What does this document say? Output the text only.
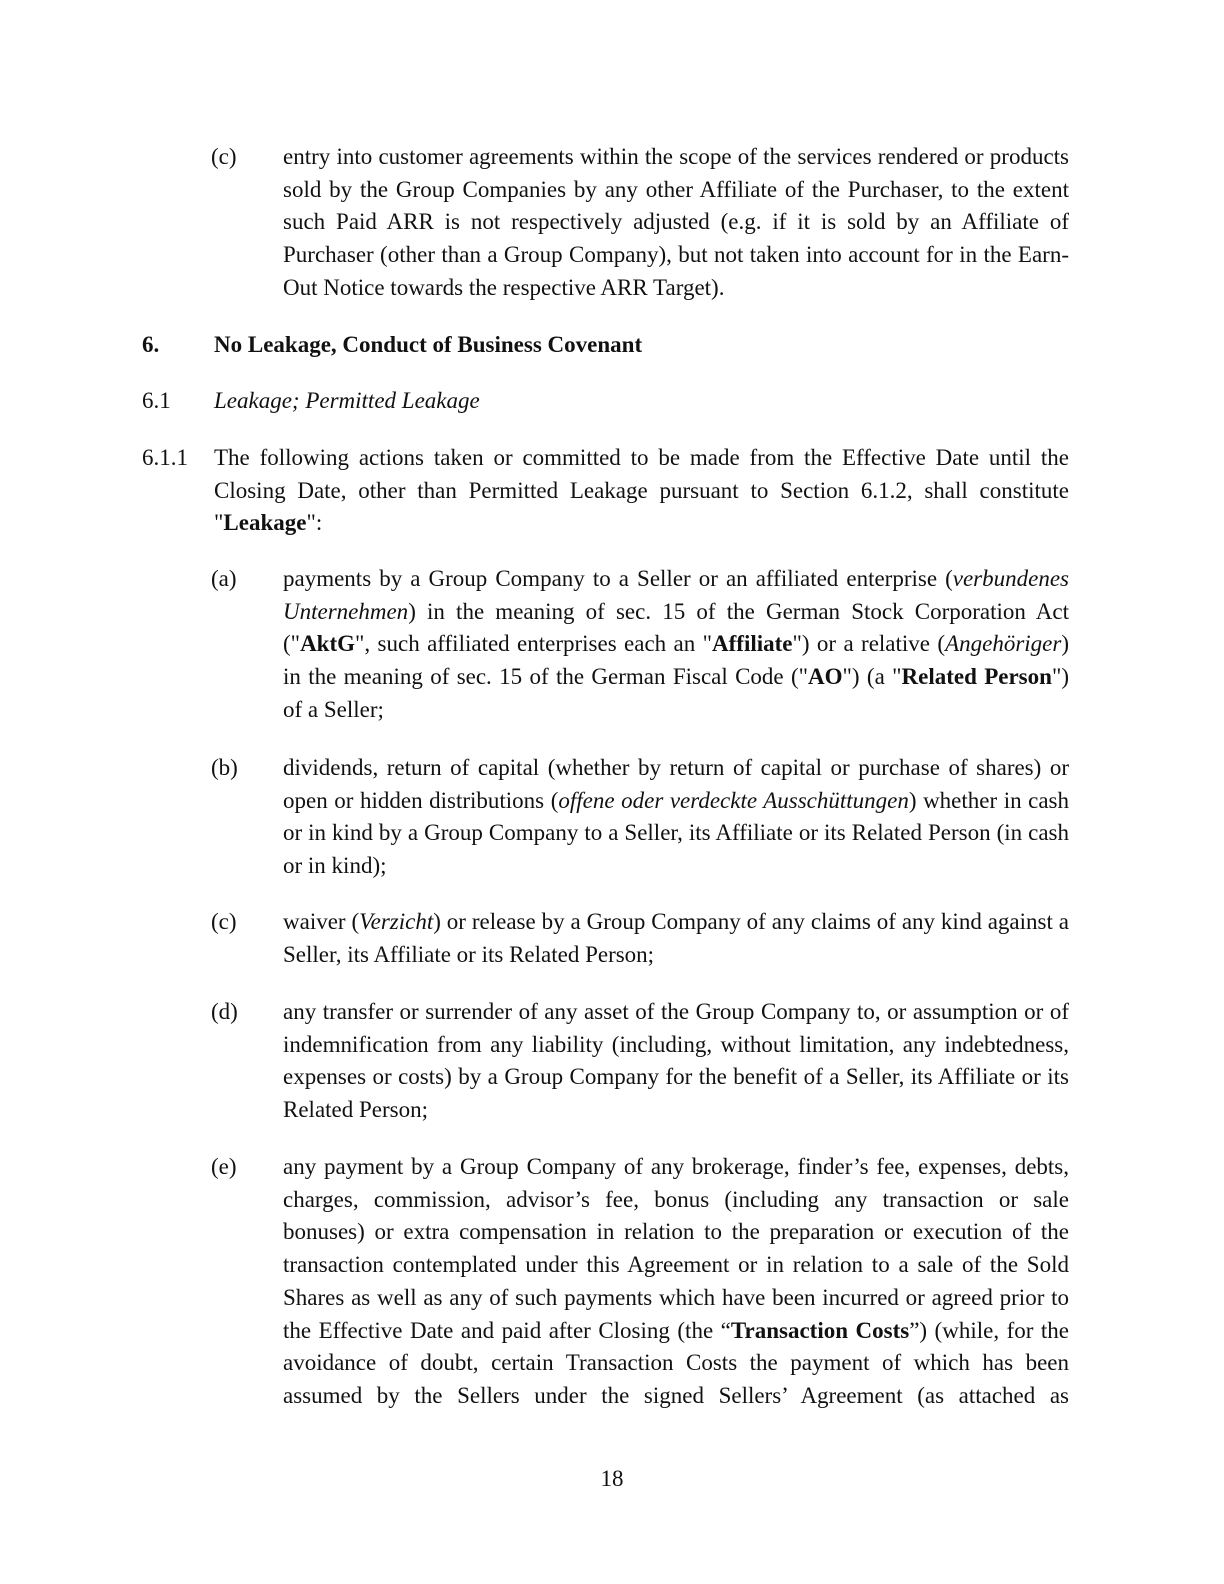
(c) entry into customer agreements within the scope of the services rendered or products sold by the Group Companies by any other Affiliate of the Purchaser, to the extent such Paid ARR is not respectively adjusted (e.g. if it is sold by an Affiliate of Purchaser (other than a Group Company), but not taken into account for in the Earn-Out Notice towards the respective ARR Target).
6. No Leakage, Conduct of Business Covenant
6.1 Leakage; Permitted Leakage
6.1.1 The following actions taken or committed to be made from the Effective Date until the Closing Date, other than Permitted Leakage pursuant to Section 6.1.2, shall constitute "Leakage":
(a) payments by a Group Company to a Seller or an affiliated enterprise (verbundenes Unternehmen) in the meaning of sec. 15 of the German Stock Corporation Act ("AktG", such affiliated enterprises each an "Affiliate") or a relative (Angehöriger) in the meaning of sec. 15 of the German Fiscal Code ("AO") (a "Related Person") of a Seller;
(b) dividends, return of capital (whether by return of capital or purchase of shares) or open or hidden distributions (offene oder verdeckte Ausschüttungen) whether in cash or in kind by a Group Company to a Seller, its Affiliate or its Related Person (in cash or in kind);
(c) waiver (Verzicht) or release by a Group Company of any claims of any kind against a Seller, its Affiliate or its Related Person;
(d) any transfer or surrender of any asset of the Group Company to, or assumption or of indemnification from any liability (including, without limitation, any indebtedness, expenses or costs) by a Group Company for the benefit of a Seller, its Affiliate or its Related Person;
(e) any payment by a Group Company of any brokerage, finder’s fee, expenses, debts, charges, commission, advisor’s fee, bonus (including any transaction or sale bonuses) or extra compensation in relation to the preparation or execution of the transaction contemplated under this Agreement or in relation to a sale of the Sold Shares as well as any of such payments which have been incurred or agreed prior to the Effective Date and paid after Closing (the “Transaction Costs”) (while, for the avoidance of doubt, certain Transaction Costs the payment of which has been assumed by the Sellers under the signed Sellers’ Agreement (as attached as
18
